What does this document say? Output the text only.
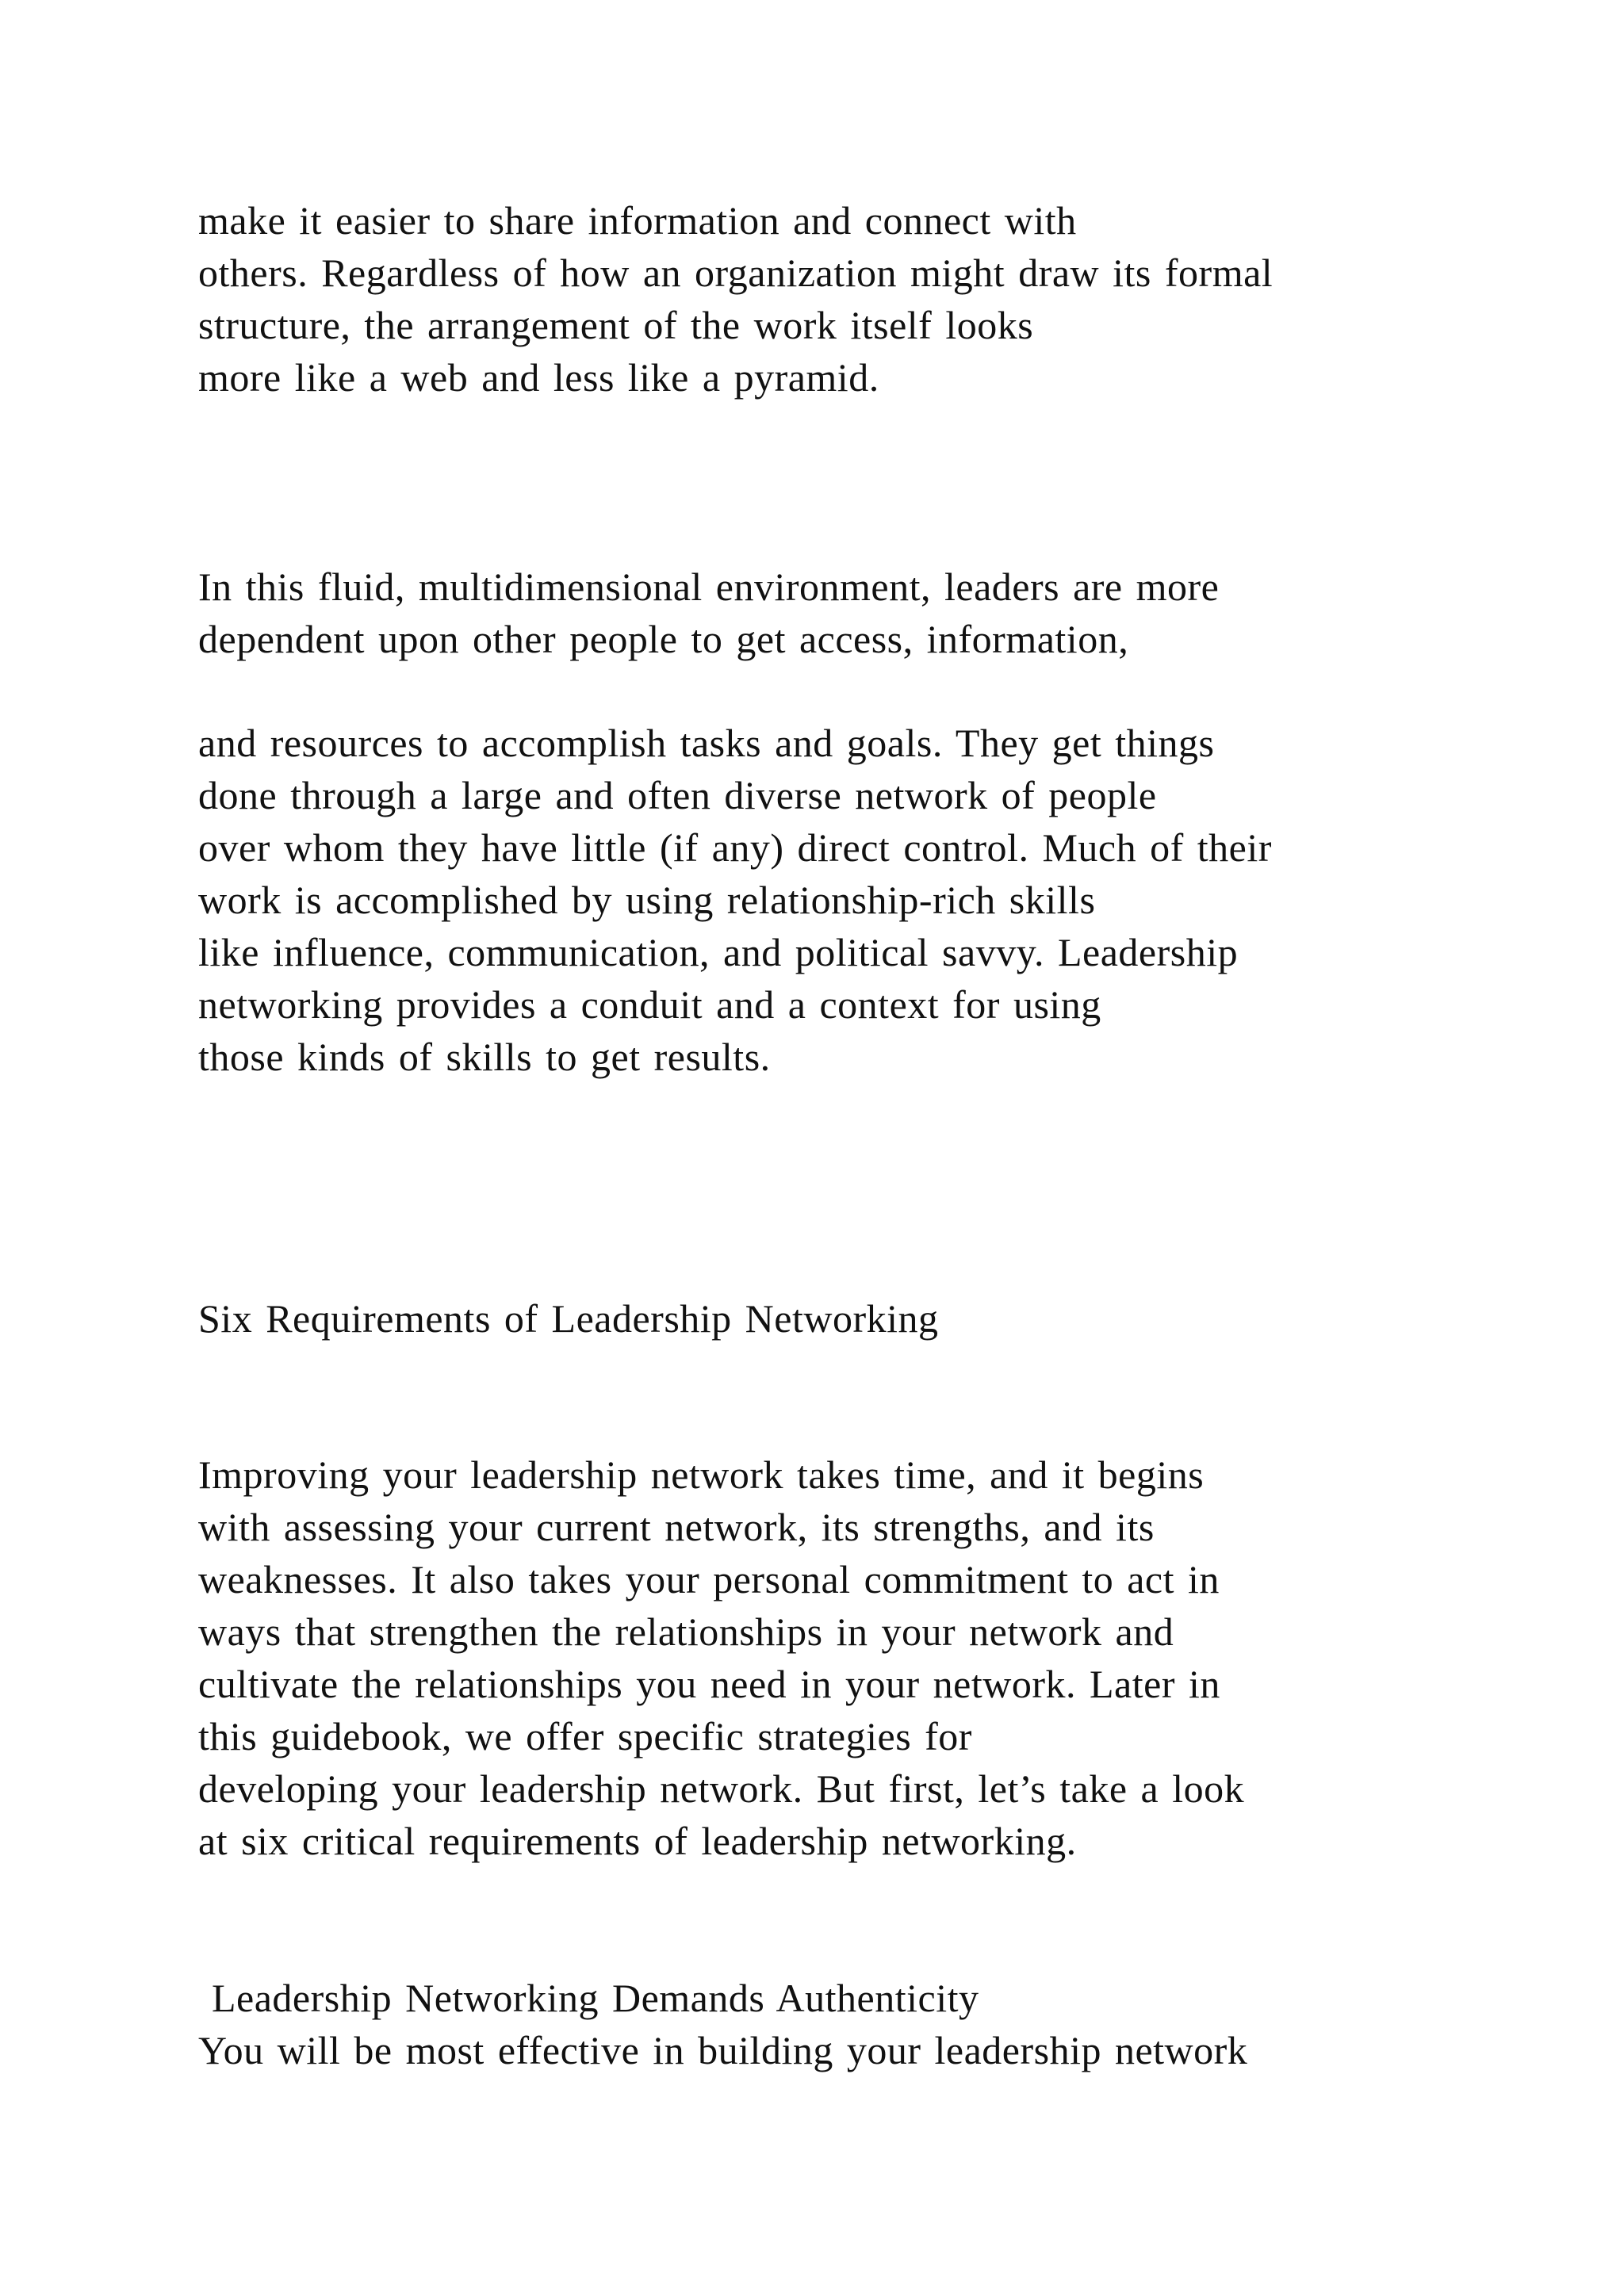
make it easier to share information and connect with

others. Regardless of how an organization might draw its formal

structure, the arrangement of the work itself looks

more like a web and less like a pyramid.

In this fluid, multidimensional environment, leaders are more

dependent upon other people to get access, information,

and resources to accomplish tasks and goals. They get things

done through a large and often diverse network of people

over whom they have little (if any) direct control. Much of their

work is accomplished by using relationship-rich skills

like influence, communication, and political savvy. Leadership

networking provides a conduit and a context for using

those kinds of skills to get results.

Six Requirements of Leadership Networking

Improving your leadership network takes time, and it begins

with assessing your current network, its strengths, and its

weaknesses. It also takes your personal commitment to act in

ways that strengthen the relationships in your network and

cultivate the relationships you need in your network. Later in

this guidebook, we offer specific strategies for

developing your leadership network. But first, let’s take a look

at six critical requirements of leadership networking.

Leadership Networking Demands Authenticity

You will be most effective in building your leadership network
